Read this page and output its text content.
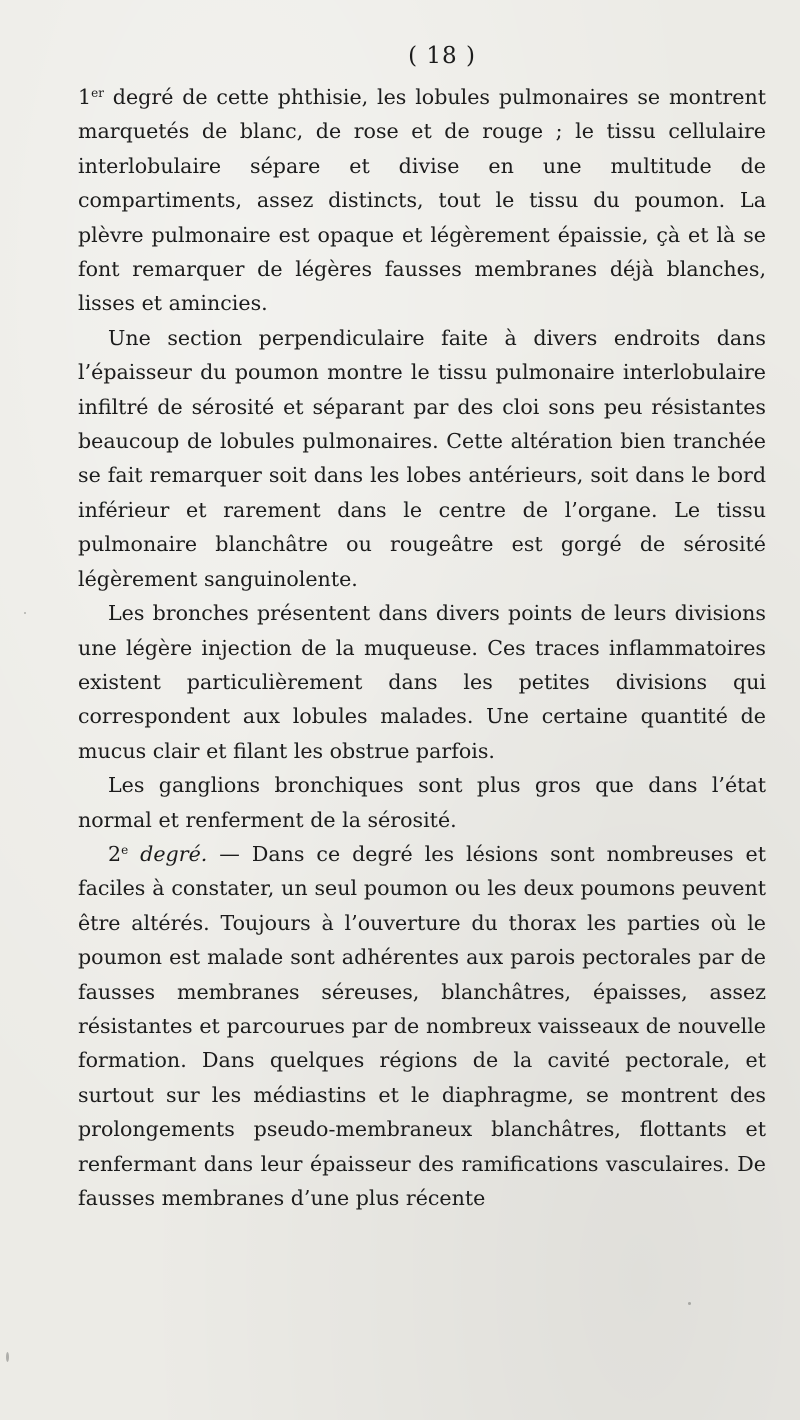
( 18 )

1er degré de cette phthisie, les lobules pulmonaires se montrent marquetés de blanc, de rose et de rouge ; le tissu cellulaire interlobulaire sépare et divise en une multitude de compartiments, assez distincts, tout le tissu du poumon. La plèvre pulmonaire est opaque et légèrement épaissie, çà et là se font remarquer de légères fausses membranes déjà blanches, lisses et amincies.

Une section perpendiculaire faite à divers endroits dans l’épaisseur du poumon montre le tissu pulmonaire interlobulaire infiltré de sérosité et séparant par des cloi sons peu résistantes beaucoup de lobules pulmonaires. Cette altération bien tranchée se fait remarquer soit dans les lobes antérieurs, soit dans le bord inférieur et rarement dans le centre de l’organe. Le tissu pulmonaire blanchâtre ou rougeâtre est gorgé de sérosité légèrement sanguinolente.

Les bronches présentent dans divers points de leurs divisions une légère injection de la muqueuse. Ces traces inflammatoires existent particulièrement dans les petites divisions qui correspondent aux lobules malades. Une certaine quantité de mucus clair et filant les obstrue parfois.

Les ganglions bronchiques sont plus gros que dans l’état normal et renferment de la sérosité.

2e degré. — Dans ce degré les lésions sont nombreuses et faciles à constater, un seul poumon ou les deux poumons peuvent être altérés. Toujours à l’ouverture du thorax les parties où le poumon est malade sont adhérentes aux parois pectorales par de fausses membranes séreuses, blanchâtres, épaisses, assez résistantes et parcourues par de nombreux vaisseaux de nouvelle formation. Dans quelques régions de la cavité pectorale, et surtout sur les médiastins et le diaphragme, se montrent des prolongements pseudo-membraneux blanchâtres, flottants et renfermant dans leur épaisseur des ramifications vasculaires. De fausses membranes d’une plus récente
